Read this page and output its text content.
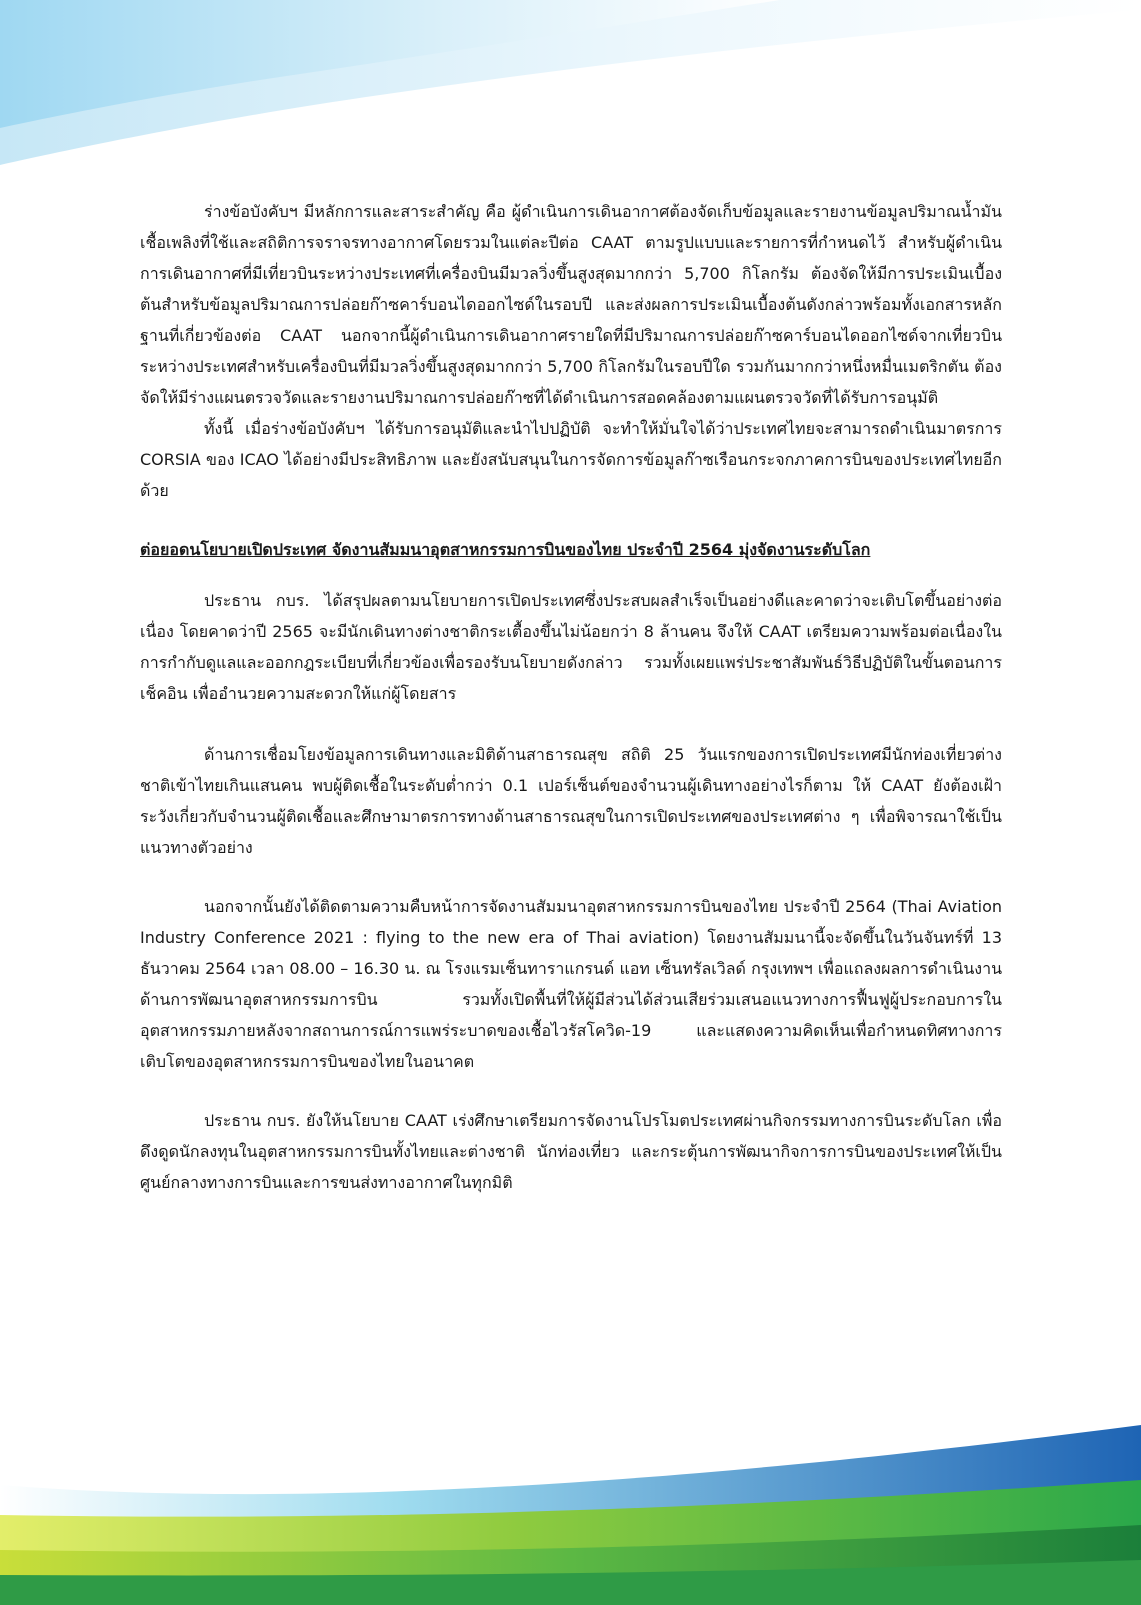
ร่างข้อบังคับฯ มีหลักการและสาระสำคัญ คือ ผู้ดำเนินการเดินอากาศต้องจัดเก็บข้อมูลและรายงานข้อมูลปริมาณน้ำมันเชื้อเพลิงที่ใช้และสถิติการจราจรทางอากาศโดยรวมในแต่ละปีต่อ CAAT ตามรูปแบบและรายการที่กำหนดไว้ สำหรับผู้ดำเนินการเดินอากาศที่มีเที่ยวบินระหว่างประเทศที่เครื่องบินมีมวลวิ่งขึ้นสูงสุดมากกว่า 5,700 กิโลกรัม ต้องจัดให้มีการประเมินเบื้องต้นสำหรับข้อมูลปริมาณการปล่อยก๊าซคาร์บอนไดออกไซด์ในรอบปี และส่งผลการประเมินเบื้องต้นดังกล่าวพร้อมทั้งเอกสารหลักฐานที่เกี่ยวข้องต่อ CAAT นอกจากนี้ผู้ดำเนินการเดินอากาศรายใดที่มีปริมาณการปล่อยก๊าซคาร์บอนไดออกไซด์จากเที่ยวบินระหว่างประเทศสำหรับเครื่องบินที่มีมวลวิ่งขึ้นสูงสุดมากกว่า 5,700 กิโลกรัมในรอบปีใด รวมกันมากกว่าหนึ่งหมื่นเมตริกตัน ต้องจัดให้มีร่างแผนตรวจวัดและรายงานปริมาณการปล่อยก๊าซที่ได้ดำเนินการสอดคล้องตามแผนตรวจวัดที่ได้รับการอนุมัติ

ทั้งนี้ เมื่อร่างข้อบังคับฯ ได้รับการอนุมัติและนำไปปฏิบัติ จะทำให้มั่นใจได้ว่าประเทศไทยจะสามารถดำเนินมาตรการ CORSIA ของ ICAO ได้อย่างมีประสิทธิภาพ และยังสนับสนุนในการจัดการข้อมูลก๊าซเรือนกระจกภาคการบินของประเทศไทยอีกด้วย

ต่อยอดนโยบายเปิดประเทศ จัดงานสัมมนาอุตสาหกรรมการบินของไทย ประจำปี 2564 มุ่งจัดงานระดับโลก

ประธาน กบร. ได้สรุปผลตามนโยบายการเปิดประเทศซึ่งประสบผลสำเร็จเป็นอย่างดีและคาดว่าจะเติบโตขึ้นอย่างต่อเนื่อง โดยคาดว่าปี 2565 จะมีนักเดินทางต่างชาติกระเตื้องขึ้นไม่น้อยกว่า 8 ล้านคน จึงให้ CAAT เตรียมความพร้อมต่อเนื่องในการกำกับดูแลและออกกฎระเบียบที่เกี่ยวข้องเพื่อรองรับนโยบายดังกล่าว รวมทั้งเผยแพร่ประชาสัมพันธ์วิธีปฏิบัติในขั้นตอนการเช็คอิน เพื่ออำนวยความสะดวกให้แก่ผู้โดยสาร

ด้านการเชื่อมโยงข้อมูลการเดินทางและมิติด้านสาธารณสุข สถิติ 25 วันแรกของการเปิดประเทศมีนักท่องเที่ยวต่างชาติเข้าไทยเกินแสนคน พบผู้ติดเชื้อในระดับต่ำกว่า 0.1 เปอร์เซ็นต์ของจำนวนผู้เดินทางอย่างไรก็ตาม ให้ CAAT ยังต้องเฝ้าระวังเกี่ยวกับจำนวนผู้ติดเชื้อและศึกษามาตรการทางด้านสาธารณสุขในการเปิดประเทศของประเทศต่าง ๆ เพื่อพิจารณาใช้เป็นแนวทางตัวอย่าง

นอกจากนั้นยังได้ติดตามความคืบหน้าการจัดงานสัมมนาอุตสาหกรรมการบินของไทย ประจำปี 2564 (Thai Aviation Industry Conference 2021 : flying to the new era of Thai aviation) โดยงานสัมมนานี้จะจัดขึ้นในวันจันทร์ที่ 13 ธันวาคม 2564 เวลา 08.00 – 16.30 น. ณ โรงแรมเซ็นทาราแกรนด์ แอท เซ็นทรัลเวิลด์ กรุงเทพฯ เพื่อแถลงผลการดำเนินงานด้านการพัฒนาอุตสาหกรรมการบิน รวมทั้งเปิดพื้นที่ให้ผู้มีส่วนได้ส่วนเสียร่วมเสนอแนวทางการฟื้นฟูผู้ประกอบการในอุตสาหกรรมภายหลังจากสถานการณ์การแพร่ระบาดของเชื้อไวรัสโควิด-19 และแสดงความคิดเห็นเพื่อกำหนดทิศทางการเติบโตของอุตสาหกรรมการบินของไทยในอนาคต

ประธาน กบร. ยังให้นโยบาย CAAT เร่งศึกษาเตรียมการจัดงานโปรโมตประเทศผ่านกิจกรรมทางการบินระดับโลก เพื่อดึงดูดนักลงทุนในอุตสาหกรรมการบินทั้งไทยและต่างชาติ นักท่องเที่ยว และกระตุ้นการพัฒนากิจการการบินของประเทศให้เป็นศูนย์กลางทางการบินและการขนส่งทางอากาศในทุกมิติ
